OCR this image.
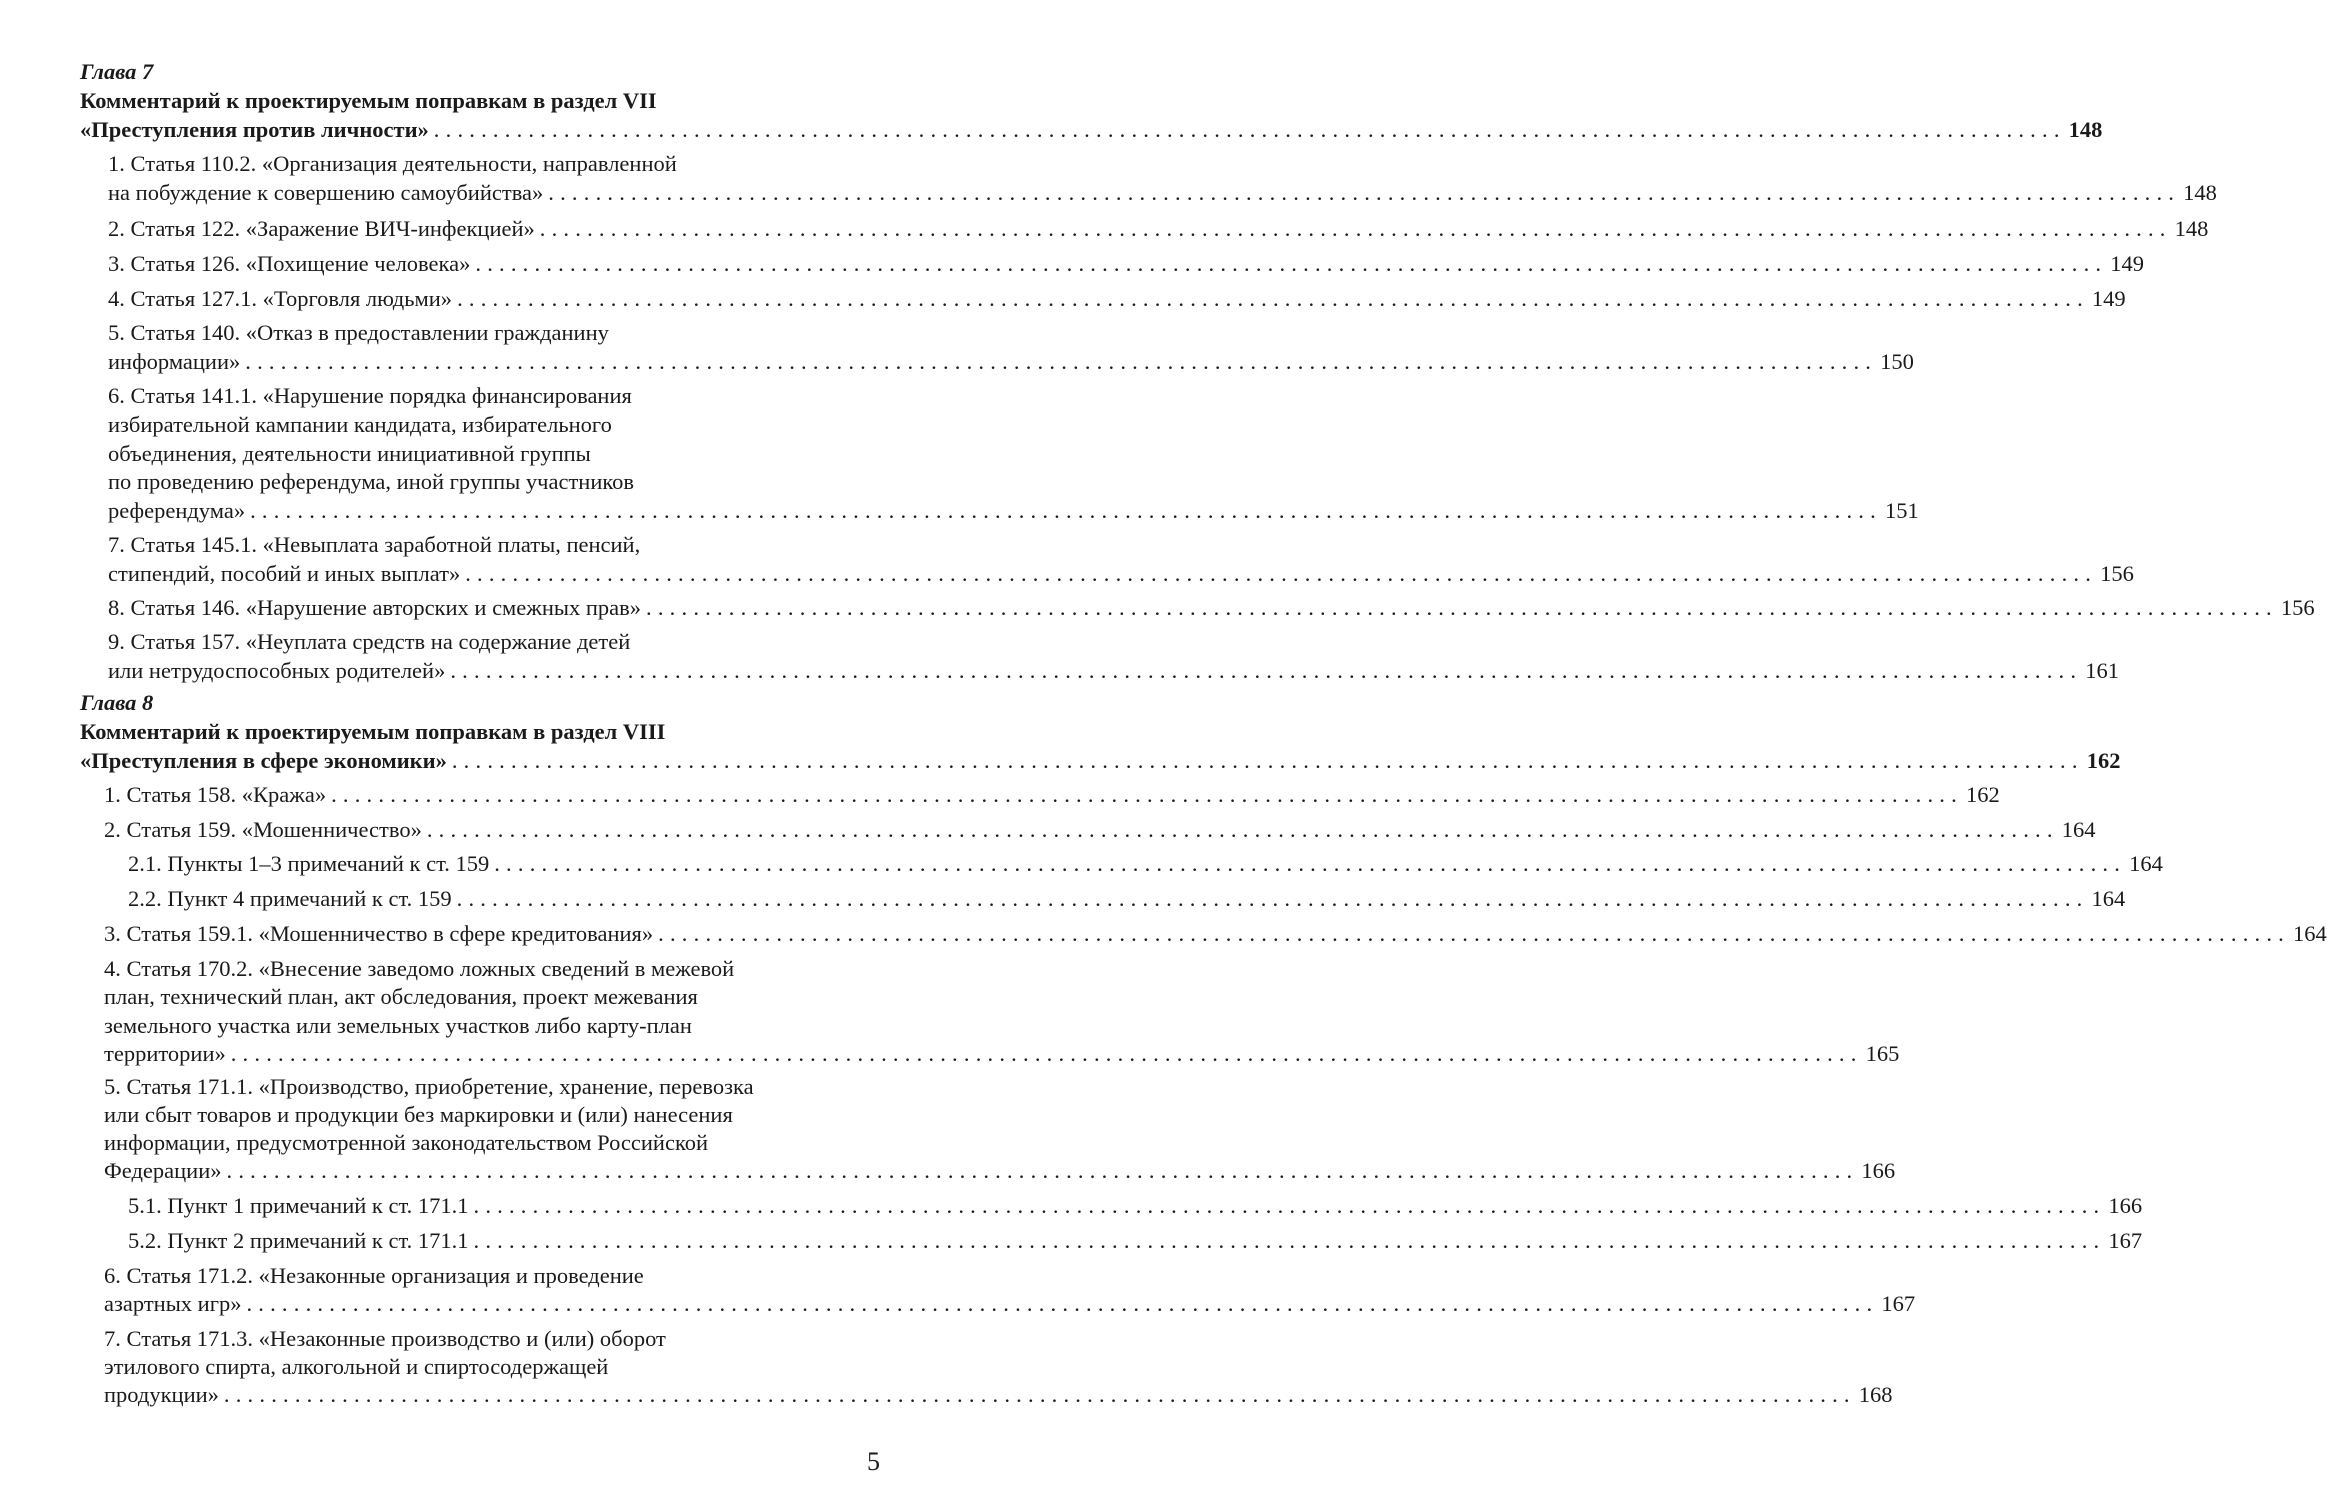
Глава 7
Комментарий к проектируемым поправкам в раздел VII
«Преступления против личности» .......................................................................................................................................... 148
1. Статья 110.2. «Организация деятельности, направленной
на побуждение к совершению самоубийства» .......................................................................................................................................... 148
2. Статья 122. «Заражение ВИЧ-инфекцией» .......................................................................................................................................... 148
3. Статья 126. «Похищение человека» .......................................................................................................................................... 149
4. Статья 127.1. «Торговля людьми» .......................................................................................................................................... 149
5. Статья 140. «Отказ в предоставлении гражданину
информации» .......................................................................................................................................... 150
6. Статья 141.1. «Нарушение порядка финансирования
избирательной кампании кандидата, избирательного
объединения, деятельности инициативной группы
по проведению референдума, иной группы участников
референдума» .......................................................................................................................................... 151
7. Статья 145.1. «Невыплата заработной платы, пенсий,
стипендий, пособий и иных выплат» .......................................................................................................................................... 156
8. Статья 146. «Нарушение авторских и смежных прав» .......................................................................................................................................... 156
9. Статья 157. «Неуплата средств на содержание детей
или нетрудоспособных родителей» .......................................................................................................................................... 161
Глава 8
Комментарий к проектируемым поправкам в раздел VIII
«Преступления в сфере экономики» .......................................................................................................................................... 162
1. Статья 158. «Кража» .......................................................................................................................................... 162
2. Статья 159. «Мошенничество» .......................................................................................................................................... 164
2.1. Пункты 1–3 примечаний к ст. 159 .......................................................................................................................................... 164
2.2. Пункт 4 примечаний к ст. 159 .......................................................................................................................................... 164
3. Статья 159.1. «Мошенничество в сфере кредитования» .......................................................................................................................................... 164
4. Статья 170.2. «Внесение заведомо ложных сведений в межевой
план, технический план, акт обследования, проект межевания
земельного участка или земельных участков либо карту-план
территории» .......................................................................................................................................... 165
5. Статья 171.1. «Производство, приобретение, хранение, перевозка
или сбыт товаров и продукции без маркировки и (или) нанесения
информации, предусмотренной законодательством Российской
Федерации» .......................................................................................................................................... 166
5.1. Пункт 1 примечаний к ст. 171.1 .......................................................................................................................................... 166
5.2. Пункт 2 примечаний к ст. 171.1 .......................................................................................................................................... 167
6. Статья 171.2. «Незаконные организация и проведение
азартных игр» .......................................................................................................................................... 167
7. Статья 171.3. «Незаконные производство и (или) оборот
этилового спирта, алкогольной и спиртосодержащей
продукции» .......................................................................................................................................... 168
5
